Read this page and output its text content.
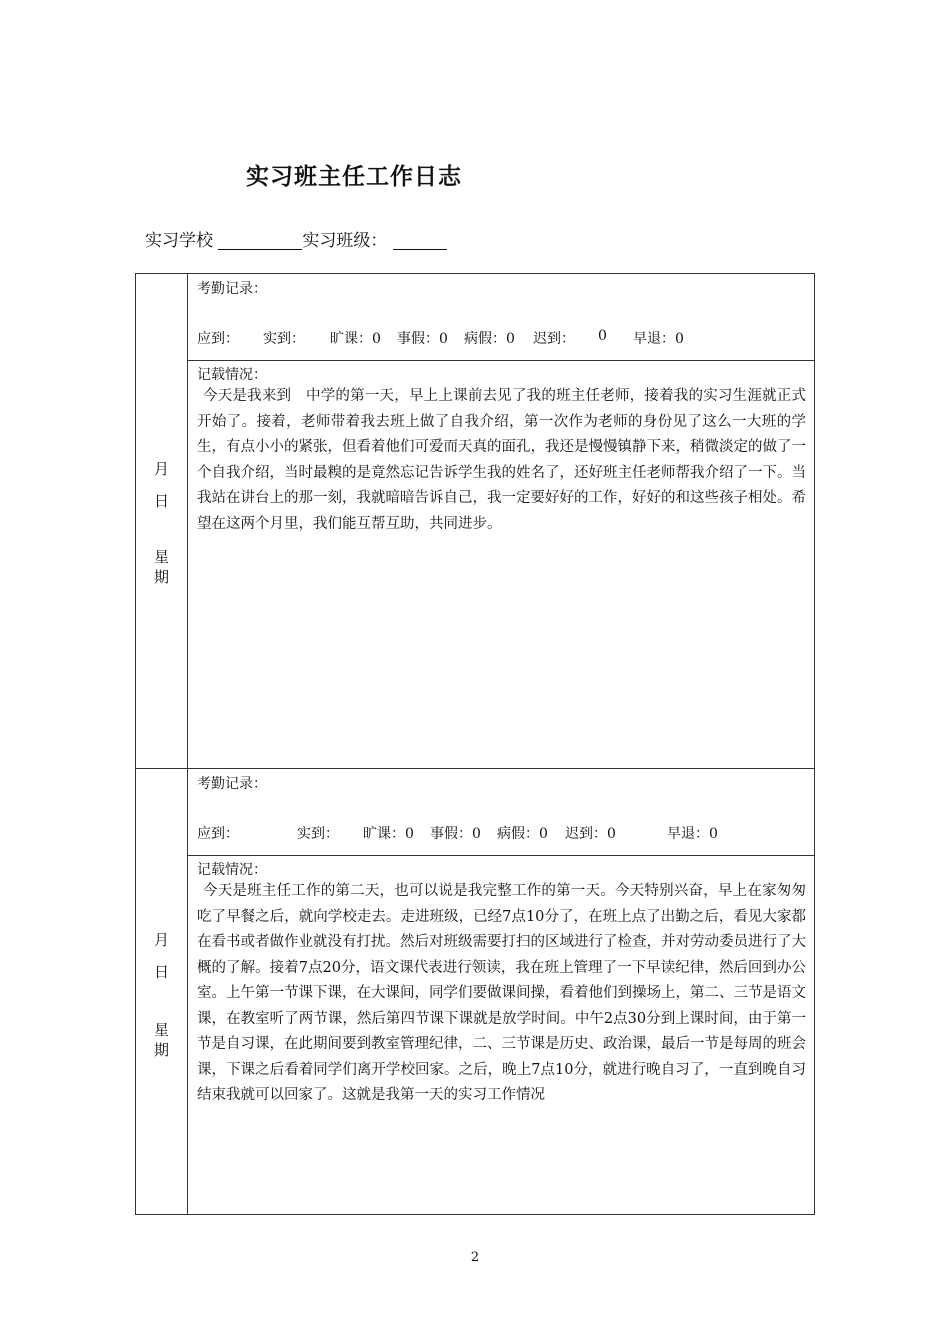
实习班主任工作日志
实习学校	实习班级：
月
日
星
期
考勤记录：
应到： 实到： 旷课：0 事假：0 病假：0 迟到： 0 早退：0
记载情况：

今天是我来到　中学的第一天，早上上课前去见了我的班主任老师，接着我的实习生涯就正式开始了。接着，老师带着我去班上做了自我介绍，第一次作为老师的身份见了这么一大班的学生，有点小小的紧张，但看着他们可爱而天真的面孔，我还是慢慢镇静下来，稍微淡定的做了一个自我介绍，当时最糗的是竟然忘记告诉学生我的姓名了，还好班主任老师帮我介绍了一下。当我站在讲台上的那一刻，我就暗暗告诉自己，我一定要好好的工作，好好的和这些孩子相处。希望在这两个月里，我们能互帮互助，共同进步。

月
日
星
期
考勤记录：
应到：	实到： 旷课：0 事假：0 病假：0 迟到：0	早退：0
记载情况：

今天是班主任工作的第二天，也可以说是我完整工作的第一天。今天特别兴奋，早上在家匆匆吃了早餐之后，就向学校走去。走进班级，已经7点10分了，在班上点了出勤之后，看见大家都在看书或者做作业就没有打扰。然后对班级需要打扫的区域进行了检查，并对劳动委员进行了大概的了解。接着7点20分，语文课代表进行领读，我在班上管理了一下早读纪律，然后回到办公室。上午第一节课下课，在大课间，同学们要做课间操，看着他们到操场上，第二、三节是语文课，在教室听了两节课，然后第四节课下课就是放学时间。中午2点30分到上课时间，由于第一节是自习课，在此期间要到教室管理纪律，二、三节课是历史、政治课，最后一节是每周的班会课，下课之后看着同学们离开学校回家。之后，晚上7点10分，就进行晚自习了，一直到晚自习结束我就可以回家了。这就是我第一天的实习工作情况

2
